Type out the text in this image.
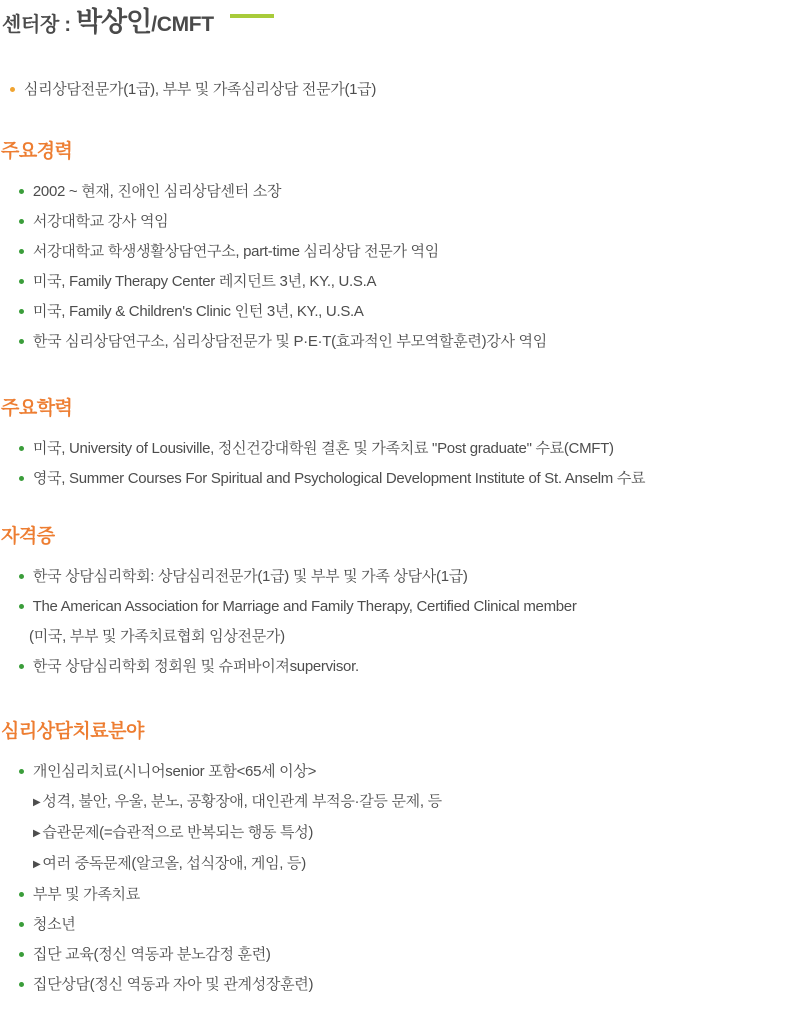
센터장 : 박상인/CMFT
심리상담전문가(1급), 부부 및 가족심리상담 전문가(1급)
주요경력
2002 ~ 현재, 진애인 심리상담센터 소장
서강대학교 강사 역임
서강대학교 학생생활상담연구소, part-time 심리상담 전문가 역임
미국, Family Therapy Center 레지던트 3년, KY., U.S.A
미국, Family & Children's Clinic 인턴 3년, KY., U.S.A
한국 심리상담연구소, 심리상담전문가 및 P·E·T(효과적인 부모역할훈련)강사 역임
주요학력
미국, University of Lousiville, 정신건강대학원 결혼 및 가족치료 "Post graduate" 수료(CMFT)
영국, Summer Courses For Spiritual and Psychological Development Institute of St. Anselm 수료
자격증
한국 상담심리학회: 상담심리전문가(1급) 및 부부 및 가족 상담사(1급)
The American Association for Marriage and Family Therapy, Certified Clinical member
(미국, 부부 및 가족치료협회 임상전문가)
한국 상담심리학회 정회원 및 슈퍼바이져supervisor.
심리상담치료분야
개인심리치료(시니어senior 포함<65세 이상>
▶ 성격, 불안, 우울, 분노, 공황장애, 대인관계 부적응·갈등 문제, 등
▶ 습관문제(=습관적으로 반복되는 행동 특성)
▶ 여러 중독문제(알코올, 섭식장애, 게임, 등)
부부 및 가족치료
청소년
집단 교육(정신 역동과 분노감정 훈련)
집단상담(정신 역동과 자아 및 관계성장훈련)
